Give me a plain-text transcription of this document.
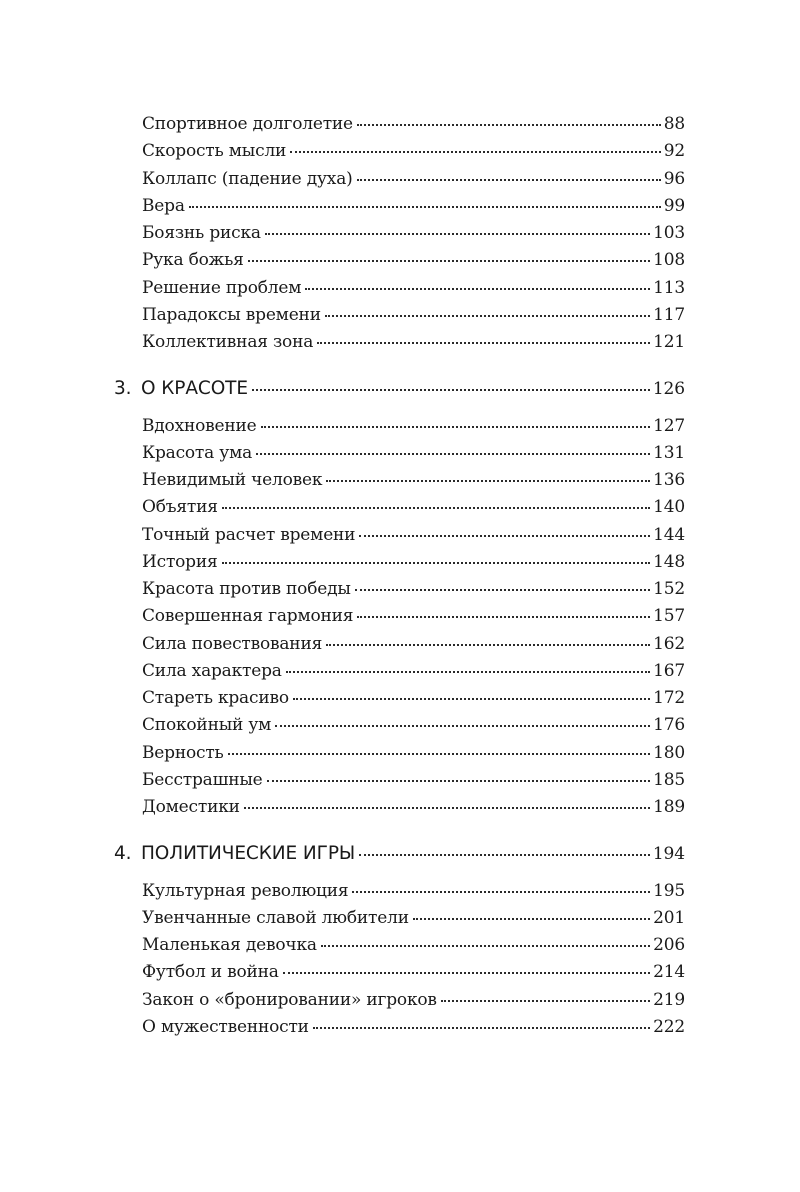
Спортивное долголетие	88
Скорость мысли	92
Коллапс (падение духа)	96
Вера	99
Боязнь риска	103
Рука божья	108
Решение проблем	113
Парадоксы времени	117
Коллективная зона	121
3. О КРАСОТЕ	126
Вдохновение	127
Красота ума	131
Невидимый человек	136
Объятия	140
Точный расчет времени	144
История	148
Красота против победы	152
Совершенная гармония	157
Сила повествования	162
Сила характера	167
Стареть красиво	172
Спокойный ум	176
Верность	180
Бесстрашные	185
Доместики	189
4. ПОЛИТИЧЕСКИЕ ИГРЫ	194
Культурная революция	195
Увенчанные славой любители	201
Маленькая девочка	206
Футбол и война	214
Закон о «бронировании» игроков	219
О мужественности	222
